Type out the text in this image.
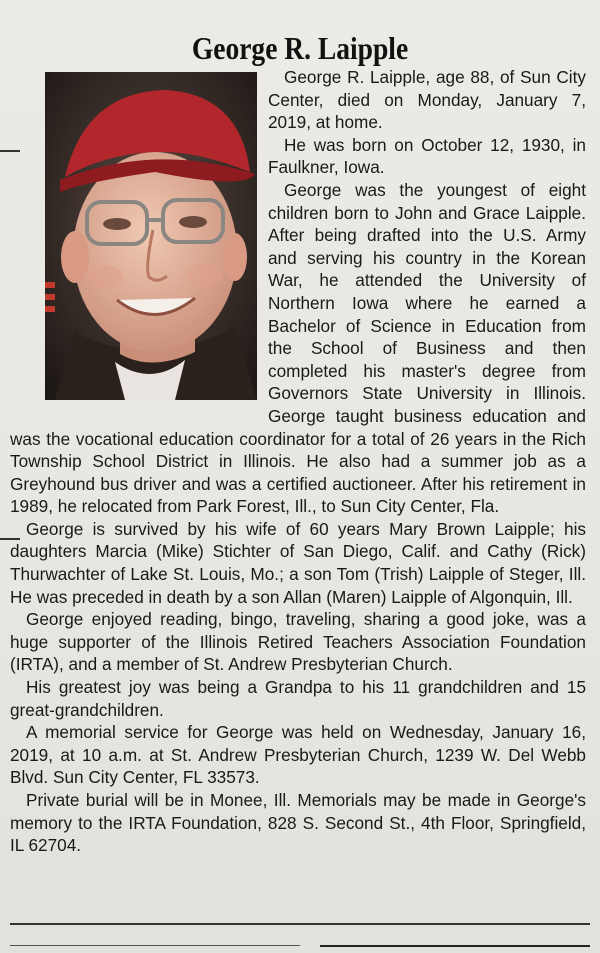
George R. Laipple

George R. Laipple, age 88, of Sun City Center, died on Monday, January 7, 2019, at home.

He was born on October 12, 1930, in Faulkner, Iowa.

George was the youngest of eight children born to John and Grace Laipple. After being drafted into the U.S. Army and serving his country in the Korean War, he attended the University of Northern Iowa where he earned a Bachelor of Science in Education from the School of Business and then completed his master's degree from Governors State University in Illinois. George taught business education and was the vocational education coordinator for a total of 26 years in the Rich Township School District in Illinois. He also had a summer job as a Greyhound bus driver and was a certified auctioneer. After his retirement in 1989, he relocated from Park Forest, Ill., to Sun City Center, Fla.

George is survived by his wife of 60 years Mary Brown Laipple; his daughters Marcia (Mike) Stichter of San Diego, Calif. and Cathy (Rick) Thurwachter of Lake St. Louis, Mo.; a son Tom (Trish) Laipple of Steger, Ill. He was preceded in death by a son Allan (Maren) Laipple of Algonquin, Ill.

George enjoyed reading, bingo, traveling, sharing a good joke, was a huge supporter of the Illinois Retired Teachers Association Foundation (IRTA), and a member of St. Andrew Presbyterian Church.

His greatest joy was being a Grandpa to his 11 grandchildren and 15 great-grandchildren.

A memorial service for George was held on Wednesday, January 16, 2019, at 10 a.m. at St. Andrew Presbyterian Church, 1239 W. Del Webb Blvd. Sun City Center, FL 33573.

Private burial will be in Monee, Ill. Memorials may be made in George's memory to the IRTA Foundation, 828 S. Second St., 4th Floor, Springfield, IL 62704.
